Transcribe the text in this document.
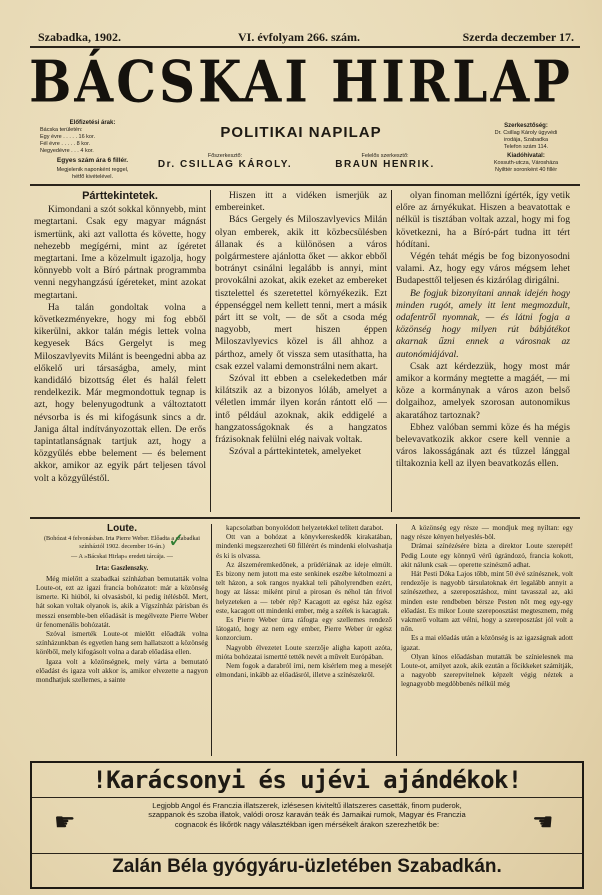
Szabadka, 1902.	VI. évfolyam 266. szám.	Szerda deczember 17.
BÁCSKAI HIRLAP
POLITIKAI NAPILAP
Előfizetési árak:
Bácska területén:
Egy évre . . . . . 16 kor.
Fél évre . . . . . 8 kor.
Negyedévre . . . 4 kor.
Egyes szám ára 6 fillér.
Megjelenik naponként reggel,
hétfő kivételével.
Szerkesztőség:
Dr. Csillag Károly ügyvédi
irodája, Szabadka
Telefon szám 114.
Kiadóhivatal:
Kossuth-utcza, Városháza
Nyilttér soronként 40 fillér
Főszerkesztő:
Dr. CSILLAG KÁROLY.
Felelős szerkesztő:
BRAUN HENRIK.

Párttekintetek.

Kimondani a szót sokkal könnyebb, mint megtartani. Csak egy magyar mágnást ismertünk, aki azt vallotta és követte, hogy nehezebb megígérni, mint az ígéretet megtartani. Ime a közelmult igazolja, hogy könnyebb volt a Bíró pártnak programmba venni negyhangzású ígéreteket, mint azokat megtartani.

Ha talán gondoltak volna a következményekre, hogy mi fog ebből kikerülni, akkor talán mégis lettek volna kegyesek Bács Gergelyt is meg Miloszavlyevits Milánt is beengedni abba az előkelő uri társaságba, amely, mint kandidáló bizottság élet és halál felett rendelkezik. Már megmondottuk tegnap is azt, hogy belenyugodtunk a változtatott névsorba is és mi kifogásunk sincs a dr. Janiga által indítványozottak ellen. De erős tapintatlanságnak tartjuk azt, hogy a közgyűlés ebbe belement — és belement akkor, amikor az egyik párt teljesen távol volt a közgyűléstől.

Hiszen itt a vidéken ismerjük az embereinket.

Bács Gergely és Miloszavlyevics Milán olyan emberek, akik itt közbecsülésben állanak és a különösen a város polgármestere ajánlotta őket — akkor ebből botrányt csinálni legalább is annyi, mint provokálni azokat, akik ezeket az embereket tisztelettel és szeretettel környékezik. Ezt éppenséggel nem kellett tenni, mert a másik párt itt se volt, — de sőt a csoda még nagyobb, mert hiszen éppen Miloszavlyevics közel is áll ahhoz a párthoz, amely őt vissza sem utasíthatta, ha csak ezzel valami demonstrálni nem akart.

Szóval itt ebben a cselekedetben már kilátszik az a bizonyos lóláb, amelyet a véletlen immár ilyen korán rántott elő — intő például azoknak, akik eddigelé a hangzatosságoknak és a hangzatos frázisoknak felülni elég naivak voltak.

Szóval a párttekintetek, amelyeket

olyan finoman mellőzni ígérték, így vetik előre az árnyékukat. Hiszen a beavatottak e nélkül is tisztában voltak azzal, hogy mi fog következni, ha a Bíró-párt tudna itt tért hódítani.

Végén tehát mégis be fog bizonyosodni valami. Az, hogy egy város mégsem lehet Budapesttől teljesen és kizárólag dirigálni.

Be fogjuk bizonyítani annak idején hogy minden rugót, amely itt lent megmozdult, odafentről nyomnak, — és látni fogja a közönség hogy milyen rút bábjátékot akarnak űzni ennek a városnak az autonómiájával.

Csak azt kérdezzük, hogy most már amikor a kormány megtette a magáét, — mi köze a kormánynak a város azon belső dolgaihoz, amelyek szorosan autonomikus akaratához tartoznak?

Ebhez valóban semmi köze és ha mégis belevavatkozik akkor csere kell vennie a város lakosságának azt és tűzzel lánggal tiltakoznia kell az ilyen beavatkozás ellen.

Loute.

(Bohózat 4 felvonásban. Irta Pierre Weber. Előadta a szabadkai színháztól 1902. december 16-án.)

— A »Bácskai Hirlap« eredeti tárcája. —

Irta: Gaszlenszky.

Még mielőtt a szabadkai színházban bemutatták volna Loute-ot, ezt az igazi francia bohózatot: már a közönség ismerte. Ki hiúból, ki olvasásból, ki pedig ítélésből. Mert, hát sokan voltak olyanok is, akik a Vígszínház párisban és messzi ensemble-ben előadását is megélvezte Pierre Weber úr fenomenális bohózatát.

Szóval ismerték Loute-ot mielőtt előadták volna színházunkban és egyetlen hang sem hallatszott a közönség köréből, mely kifogásolt volna a darab előadása ellen.

Igaza volt a közönségnek, mely várta a bemutató előadást és igaza volt akkor is, amikor elvezette a nagyon mondhatjuk szellemes, a sainte

✓	kapcsolatban bonyolódott helyzetekkel telített darabot.

Ott van a bohózat a könyvkereskedők kirakatában, mindenki megszerezheti 60 fillérért és mindenki elolvashatja és ki is olvassa.

Az álszeméremkedőnek, a prüdériának az ideje elmúlt. Es bizony nem jutott ma este senkinek eszébe kétolmozni a telt házon, a sok rangos nyakkal teli páholyrendben ezért, hogy az lássa: miként pirul a pirosan és néhol tán frivol helyzeteken a — tebér rép? Kacagott az egész ház egész este, kacagott ott mindenki ember, még a szélek is kacagtak.

Es Pierre Weber úrra ráfogta egy szellemes rendező látogató, hogy az nem egy ember, Pierre Weber úr egész konzorcium.

Nagyobb élvezetet Loute szerzője aligha kapott azóta, mióta bohózatai ismertté tették nevét a művelt Európában.

Nem fogok a darabról írni, nem kísérlem meg a mesejét elmondani, inkább az előadásról, illetve a színészekről.

A közönség egy része — mondjuk meg nyíltan: egy nagy része kényen helyeslés-böl.

Drámai színézésére bízta a direktor Loute szerepét! Pedig Loute egy könnyű vérű úgrándozó, francia kokott, akit nálunk csak — operette szinésznő adhat.

Hát Pesti Dóka Lajos tőbb, mint 50 évé színésznek, volt rendezője is nagyobb társulatoknak ért legalább annyit a színészethez, a szereposztáshoz, mint tavasszal az, aki minden este rendbeben bérsze Pesten nőt meg egy-egy előadást. Es mikor Loute szerepoosztást megtesznem, még vakmerő voltam azt vélni, hogy a szereposztást jól volt a nőn.

Es a mai előadás után a közönség is az igazságnak adott igazat.

Olyan kínos előadásban mutatták be színielesnek ma Loute-ot, amilyet azok, akik ezután a főcikkeket számítják, a nagyobb szerepvitelnek képzelt végig néztek a legnagyobb megdöbbenés nélkül még

!Karácsonyi és ujévi ajándékok!
☛	☚
Legjobb Angol és Franczia illatszerek, izlésesen kiviteltű illatszeres casetták, finom puderok, szappanok és szoba illatok, valódi orosz karaván teák és Jamaikai rumok, Magyar és Franczia cognacok és likőrök nagy választékban igen mérsékelt árakon szerezhetők be:
Zalán Béla gyógyáru-üzletében Szabadkán.
